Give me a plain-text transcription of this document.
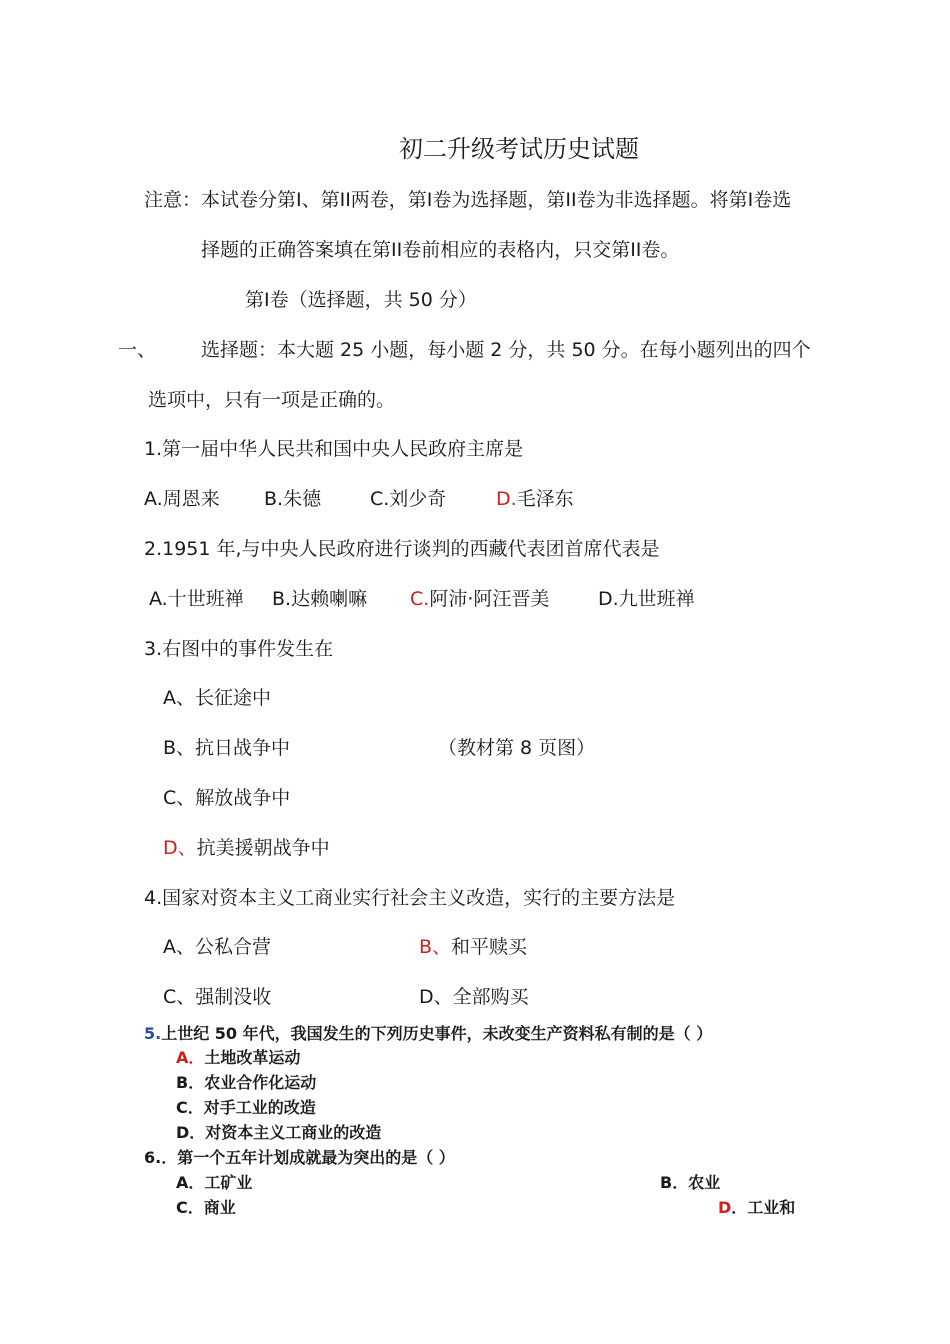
初二升级考试历史试题
注意：本试卷分第I、第II两卷，第I卷为选择题，第II卷为非选择题。将第I卷选
择题的正确答案填在第II卷前相应的表格内，只交第II卷。
第I卷（选择题，共 50 分）
一、 选择题：本大题 25 小题，每小题 2 分，共 50 分。在每小题列出的四个
选项中，只有一项是正确的。
1.第一届中华人民共和国中央人民政府主席是
A.周恩来 B.朱德	C.刘少奇	D.毛泽东
2.1951 年,与中央人民政府进行谈判的西藏代表团首席代表是
A.十世班禅 B.达赖喇嘛 C.阿沛·阿汪晋美	D.九世班禅
3.右图中的事件发生在
A、长征途中
B、抗日战争中	（教材第 8 页图）
C、解放战争中
D、抗美援朝战争中
4.国家对资本主义工商业实行社会主义改造，实行的主要方法是
A、公私合营	B、和平赎买
C、强制没收	D、全部购买
5.上世纪 50 年代，我国发生的下列历史事件，未改变生产资料私有制的是（ ）
A．土地改革运动
B．农业合作化运动
C．对手工业的改造
D．对资本主义工商业的改造
6.．第一个五年计划成就最为突出的是（ ）
A．工矿业	B．农业
C．商业	D．工业和
